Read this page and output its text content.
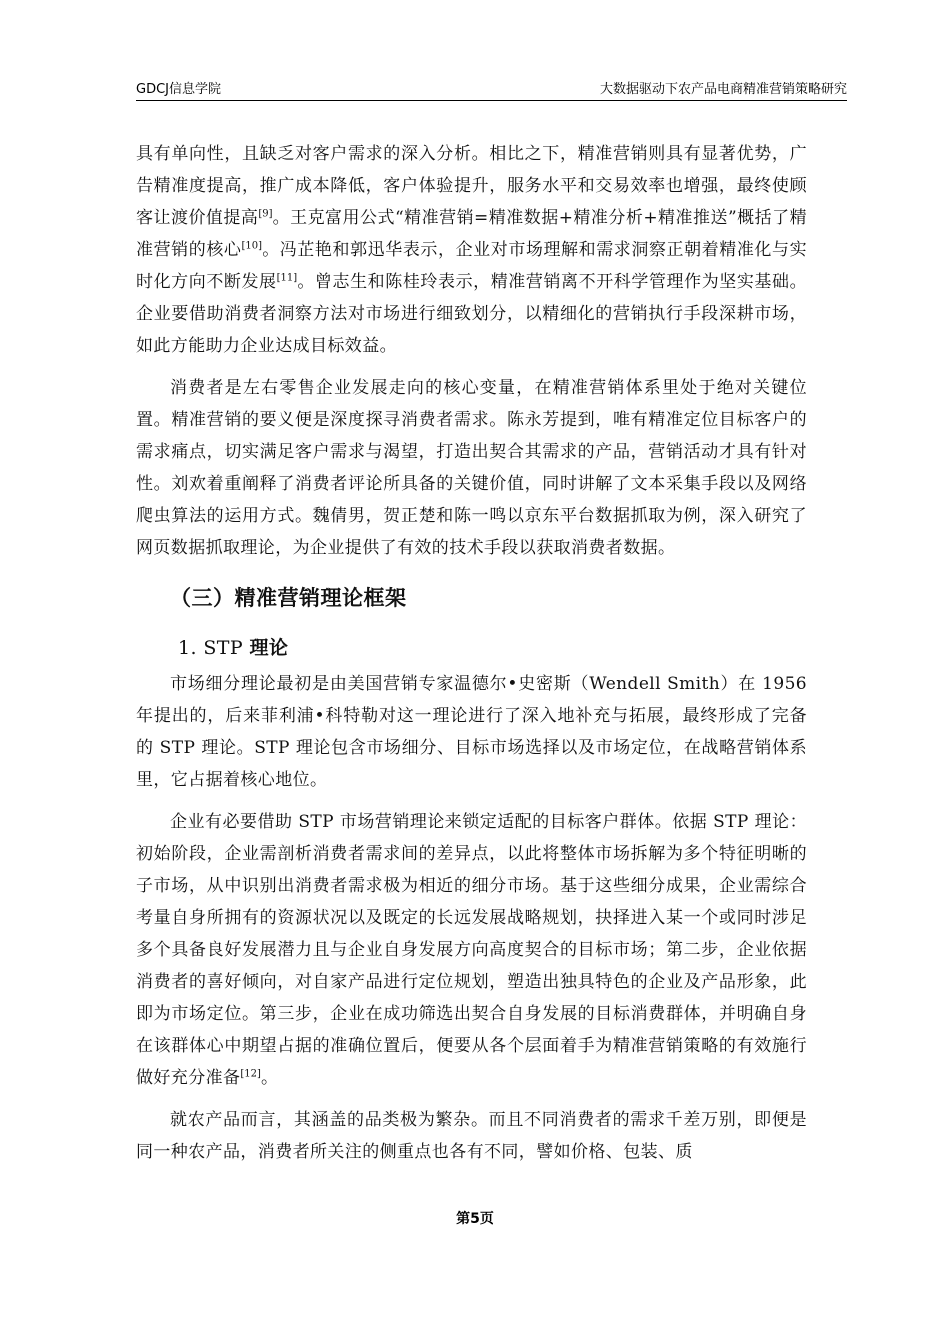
GDCJ信息学院	大数据驱动下农产品电商精准营销策略研究

具有单向性，且缺乏对客户需求的深入分析。相比之下，精准营销则具有显著优势，广告精准度提高，推广成本降低，客户体验提升，服务水平和交易效率也增强，最终使顾客让渡价值提高[9]。王克富用公式“精准营销=精准数据+精准分析+精准推送”概括了精准营销的核心[10]。冯芷艳和郭迅华表示，企业对市场理解和需求洞察正朝着精准化与实时化方向不断发展[11]。曾志生和陈桂玲表示，精准营销离不开科学管理作为坚实基础。企业要借助消费者洞察方法对市场进行细致划分，以精细化的营销执行手段深耕市场，如此方能助力企业达成目标效益。

消费者是左右零售企业发展走向的核心变量，在精准营销体系里处于绝对关键位置。精准营销的要义便是深度探寻消费者需求。陈永芳提到，唯有精准定位目标客户的需求痛点，切实满足客户需求与渴望，打造出契合其需求的产品，营销活动才具有针对性。刘欢着重阐释了消费者评论所具备的关键价值，同时讲解了文本采集手段以及网络爬虫算法的运用方式。魏倩男，贺正楚和陈一鸣以京东平台数据抓取为例，深入研究了网页数据抓取理论，为企业提供了有效的技术手段以获取消费者数据。

（三）精准营销理论框架
1. STP 理论

市场细分理论最初是由美国营销专家温德尔•史密斯（Wendell Smith）在 1956 年提出的，后来菲利浦•科特勒对这一理论进行了深入地补充与拓展，最终形成了完备的 STP 理论。STP 理论包含市场细分、目标市场选择以及市场定位，在战略营销体系里，它占据着核心地位。

企业有必要借助 STP 市场营销理论来锁定适配的目标客户群体。依据 STP 理论：初始阶段，企业需剖析消费者需求间的差异点，以此将整体市场拆解为多个特征明晰的子市场，从中识别出消费者需求极为相近的细分市场。基于这些细分成果，企业需综合考量自身所拥有的资源状况以及既定的长远发展战略规划，抉择进入某一个或同时涉足多个具备良好发展潜力且与企业自身发展方向高度契合的目标市场；第二步，企业依据消费者的喜好倾向，对自家产品进行定位规划，塑造出独具特色的企业及产品形象，此即为市场定位。第三步，企业在成功筛选出契合自身发展的目标消费群体，并明确自身在该群体心中期望占据的准确位置后，便要从各个层面着手为精准营销策略的有效施行做好充分准备[12]。

就农产品而言，其涵盖的品类极为繁杂。而且不同消费者的需求千差万别，即便是同一种农产品，消费者所关注的侧重点也各有不同，譬如价格、包装、质

第5页
